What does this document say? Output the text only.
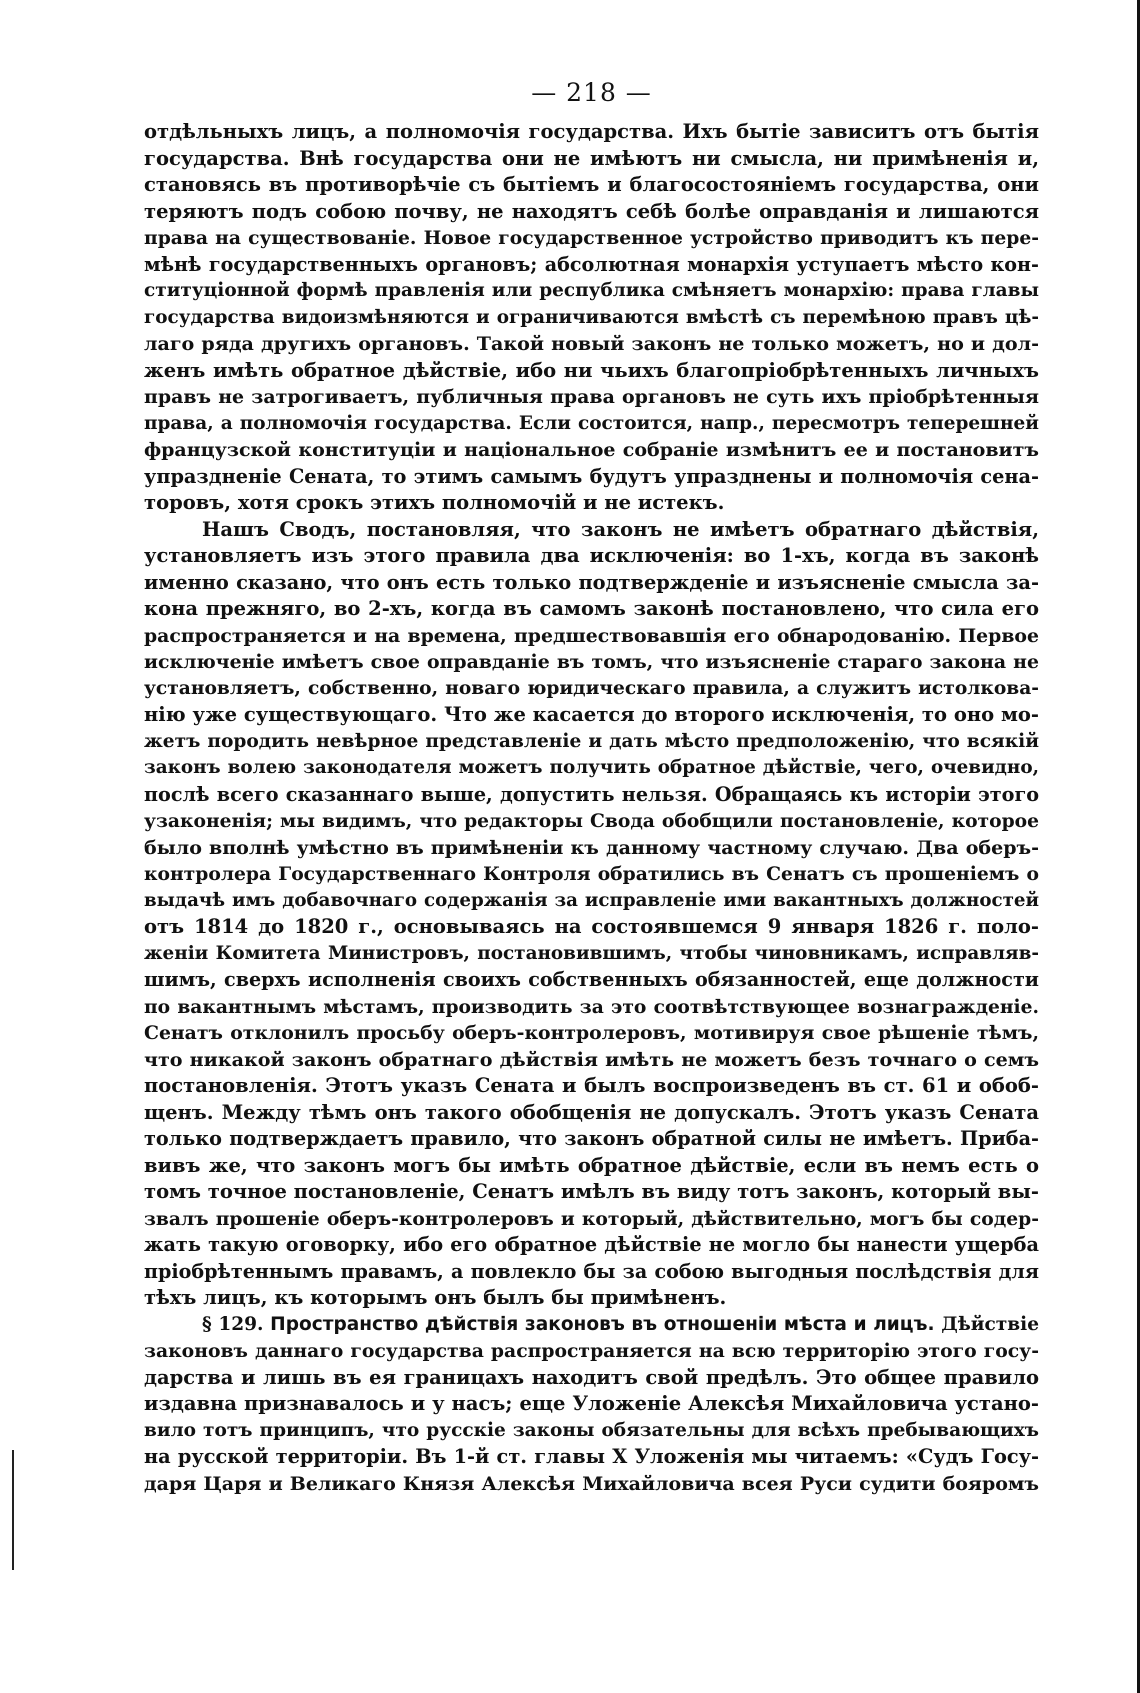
— 218 —
отдѣльныхъ лицъ, а полномочія государства. Ихъ бытіе зависитъ отъ бытія
государства. Внѣ государства они не имѣютъ ни смысла, ни примѣненія и,
становясь въ противорѣчіе съ бытіемъ и благосостояніемъ государства, они
теряютъ подъ собою почву, не находятъ себѣ болѣе оправданія и лишаются
права на существованіе. Новое государственное устройство приводитъ къ пере-
мѣнѣ государственныхъ органовъ; абсолютная монархія уступаетъ мѣсто кон-
ституціонной формѣ правленія или республика смѣняетъ монархію: права главы
государства видоизмѣняются и ограничиваются вмѣстѣ съ перемѣною правъ цѣ-
лаго ряда другихъ органовъ. Такой новый законъ не только можетъ, но и дол-
женъ имѣть обратное дѣйствіе, ибо ни чьихъ благопріобрѣтенныхъ личныхъ
правъ не затрогиваетъ, публичныя права органовъ не суть ихъ пріобрѣтенныя
права, а полномочія государства. Если состоится, напр., пересмотръ теперешней
французской конституціи и національное собраніе измѣнитъ ее и постановитъ
упраздненіе Сената, то этимъ самымъ будутъ упразднены и полномочія сена-
торовъ, хотя срокъ этихъ полномочій и не истекъ.
Нашъ Сводъ, постановляя, что законъ не имѣетъ обратнаго дѣйствія,
установляетъ изъ этого правила два исключенія: во 1-хъ, когда въ законѣ
именно сказано, что онъ есть только подтвержденіе и изъясненіе смысла за-
кона прежняго, во 2-хъ, когда въ самомъ законѣ постановлено, что сила его
распространяется и на времена, предшествовавшія его обнародованію. Первое
исключеніе имѣетъ свое оправданіе въ томъ, что изъясненіе стараго закона не
установляетъ, собственно, новаго юридическаго правила, а служитъ истолкова-
нію уже существующаго. Что же касается до второго исключенія, то оно мо-
жетъ породить невѣрное представленіе и дать мѣсто предположенію, что всякій
законъ волею законодателя можетъ получить обратное дѣйствіе, чего, очевидно,
послѣ всего сказаннаго выше, допустить нельзя. Обращаясь къ исторіи этого
узаконенія; мы видимъ, что редакторы Свода обобщили постановленіе, которое
было вполнѣ умѣстно въ примѣненіи къ данному частному случаю. Два оберъ-
контролера Государственнаго Контроля обратились въ Сенатъ съ прошеніемъ о
выдачѣ имъ добавочнаго содержанія за исправленіе ими вакантныхъ должностей
отъ 1814 до 1820 г., основываясь на состоявшемся 9 января 1826 г. поло-
женіи Комитета Министровъ, постановившимъ, чтобы чиновникамъ, исправляв-
шимъ, сверхъ исполненія своихъ собственныхъ обязанностей, еще должности
по вакантнымъ мѣстамъ, производить за это соотвѣтствующее вознагражденіе.
Сенатъ отклонилъ просьбу оберъ-контролеровъ, мотивируя свое рѣшеніе тѣмъ,
что никакой законъ обратнаго дѣйствія имѣть не можетъ безъ точнаго о семъ
постановленія. Этотъ указъ Сената и былъ воспроизведенъ въ ст. 61 и обоб-
щенъ. Между тѣмъ онъ такого обобщенія не допускалъ. Этотъ указъ Сената
только подтверждаетъ правило, что законъ обратной силы не имѣетъ. Приба-
вивъ же, что законъ могъ бы имѣть обратное дѣйствіе, если въ немъ есть о
томъ точное постановленіе, Сенатъ имѣлъ въ виду тотъ законъ, который вы-
звалъ прошеніе оберъ-контролеровъ и который, дѣйствительно, могъ бы содер-
жать такую оговорку, ибо его обратное дѣйствіе не могло бы нанести ущерба
пріобрѣтеннымъ правамъ, а повлекло бы за собою выгодныя послѣдствія для
тѣхъ лицъ, къ которымъ онъ былъ бы примѣненъ.
§ 129. Пространство дѣйствія законовъ въ отношеніи мѣста и лицъ. Дѣйствіе
законовъ даннаго государства распространяется на всю территорію этого госу-
дарства и лишь въ ея границахъ находитъ свой предѣлъ. Это общее правило
издавна признавалось и у насъ; еще Уложеніе Алексѣя Михайловича устано-
вило тотъ принципъ, что русскіе законы обязательны для всѣхъ пребывающихъ
на русской территоріи. Въ 1-й ст. главы X Уложенія мы читаемъ: «Судъ Госу-
даря Царя и Великаго Князя Алексѣя Михайловича всея Руси судити бояромъ
